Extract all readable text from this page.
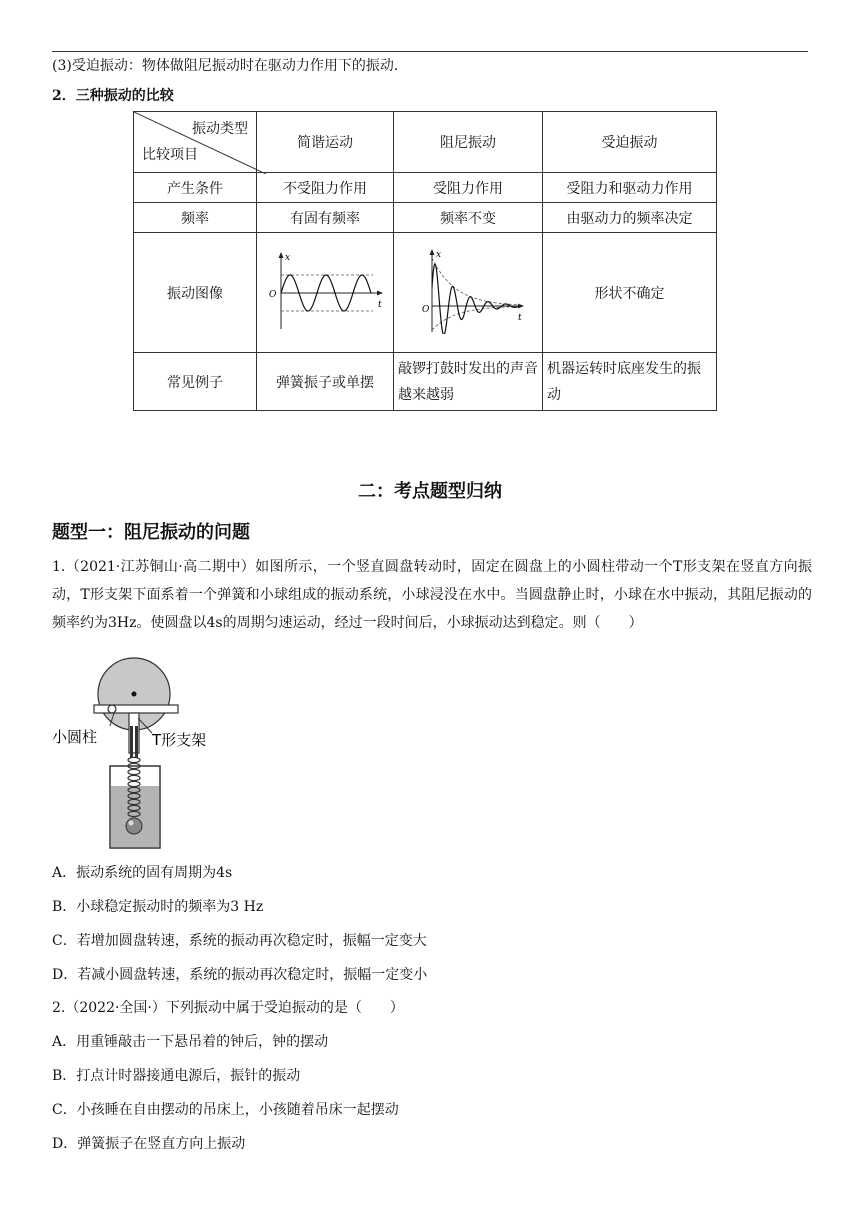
(3)受迫振动：物体做阻尼振动时在驱动力作用下的振动．
2．三种振动的比较
振动类型
比较项目	简谐运动	阻尼振动	受迫振动
产生条件	不受阻力作用	受阻力作用	受阻力和驱动力作用
频率	有固有频率	频率不变	由驱动力的频率决定
振动图像	x
O
t	x
O
t	形状不确定
常见例子	弹簧振子或单摆	敲锣打鼓时发出的声音越来越弱	机器运转时底座发生的振动
二：考点题型归纳
题型一：阻尼振动的问题
1.（2021·江苏铜山·高二期中）如图所示，一个竖直圆盘转动时，固定在圆盘上的小圆柱带动一个T形支架在竖直方向振动，T形支架下面系着一个弹簧和小球组成的振动系统，小球浸没在水中。当圆盘静止时，小球在水中振动，其阻尼振动的频率约为3Hz。使圆盘以4s的周期匀速运动，经过一段时间后，小球振动达到稳定。则（　　）
小圆柱	T形支架
A．振动系统的固有周期为4s
B．小球稳定振动时的频率为3 Hz
C．若增加圆盘转速，系统的振动再次稳定时，振幅一定变大
D．若减小圆盘转速，系统的振动再次稳定时，振幅一定变小
2.（2022·全国·）下列振动中属于受迫振动的是（　　）
A．用重锤敲击一下悬吊着的钟后，钟的摆动
B．打点计时器接通电源后，振针的振动
C．小孩睡在自由摆动的吊床上，小孩随着吊床一起摆动
D．弹簧振子在竖直方向上振动
